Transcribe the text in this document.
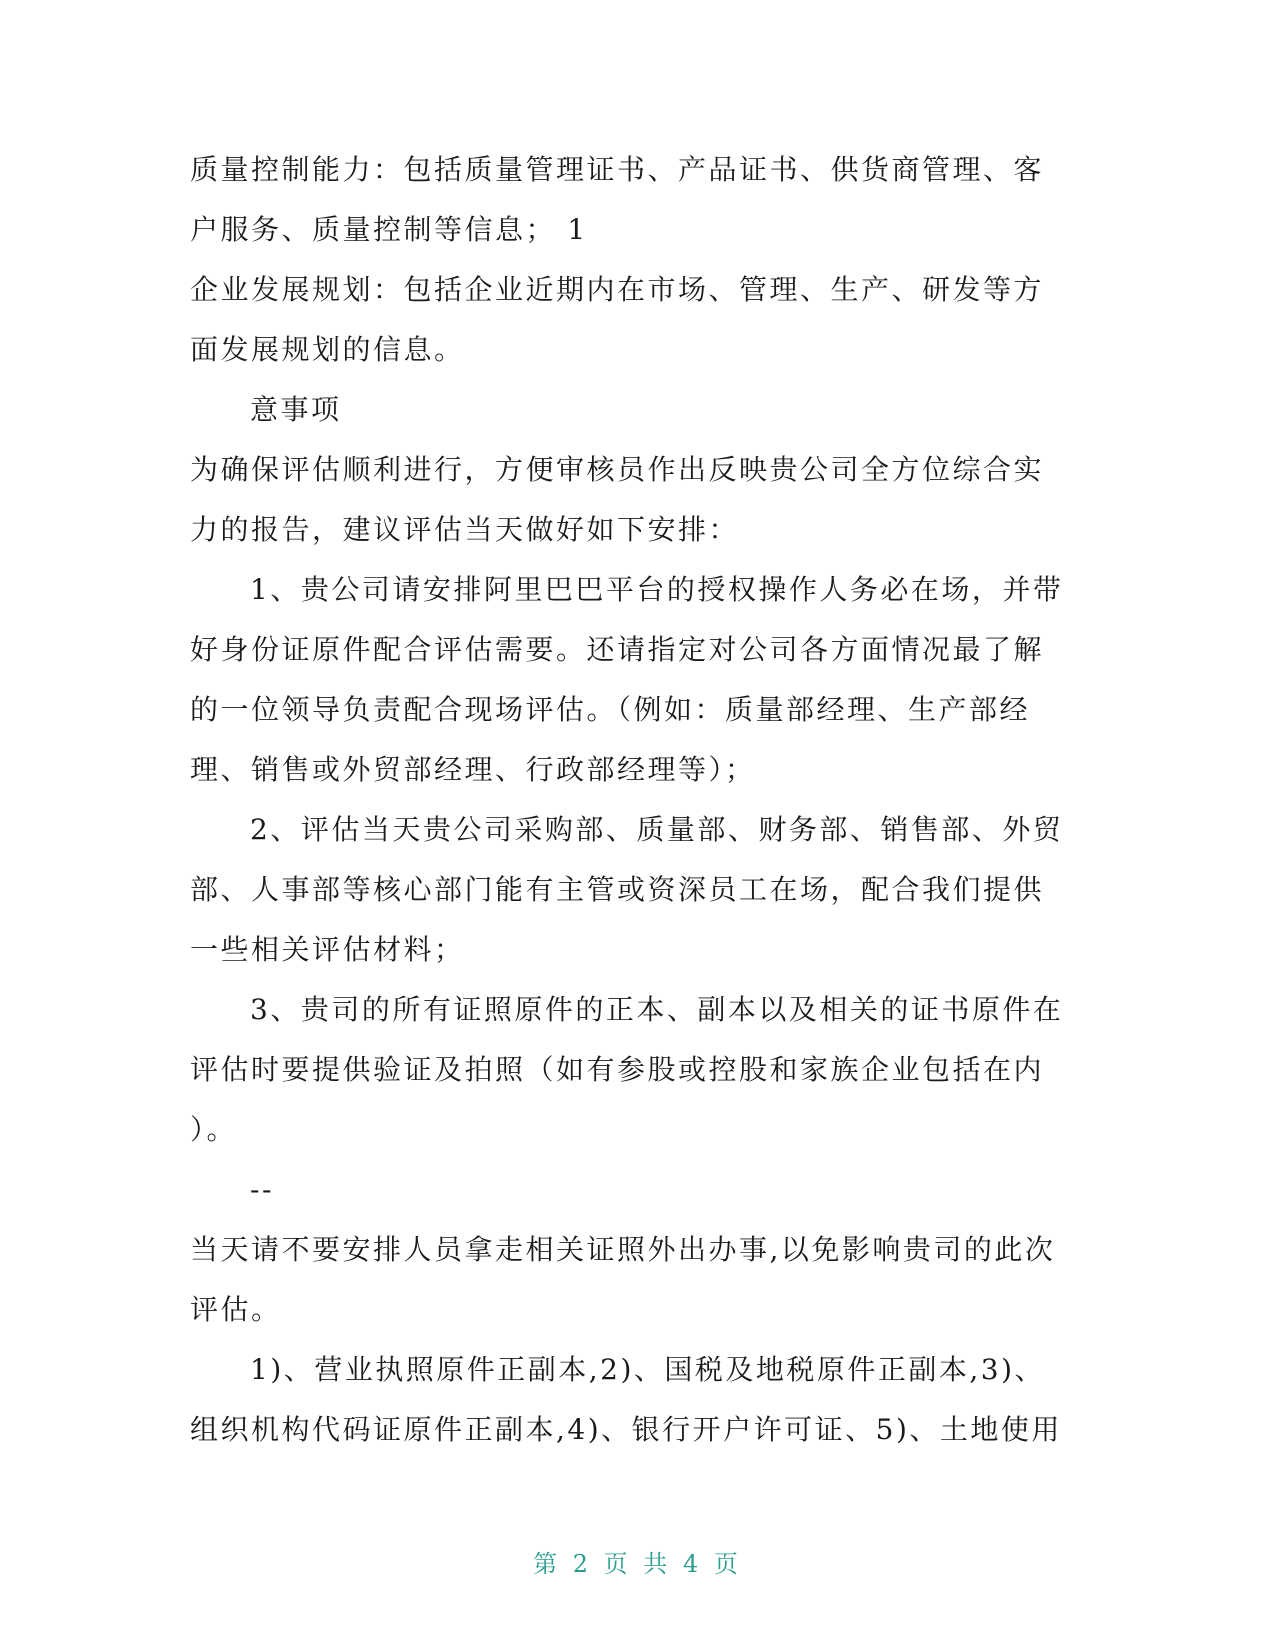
质量控制能力：包括质量管理证书、产品证书、供货商管理、客
户服务、质量控制等信息； 1
企业发展规划：包括企业近期内在市场、管理、生产、研发等方
面发展规划的信息。
意事项
为确保评估顺利进行，方便审核员作出反映贵公司全方位综合实
力的报告，建议评估当天做好如下安排：
1、贵公司请安排阿里巴巴平台的授权操作人务必在场，并带
好身份证原件配合评估需要。还请指定对公司各方面情况最了解
的一位领导负责配合现场评估。（例如：质量部经理、生产部经
理、销售或外贸部经理、行政部经理等）；
2、评估当天贵公司采购部、质量部、财务部、销售部、外贸
部、人事部等核心部门能有主管或资深员工在场，配合我们提供
一些相关评估材料；
3、贵司的所有证照原件的正本、副本以及相关的证书原件在
评估时要提供验证及拍照（如有参股或控股和家族企业包括在内
）。
--
当天请不要安排人员拿走相关证照外出办事,以免影响贵司的此次
评估。
1)、营业执照原件正副本,2)、国税及地税原件正副本,3)、
组织机构代码证原件正副本,4)、银行开户许可证、5)、土地使用
第 2 页 共 4 页
